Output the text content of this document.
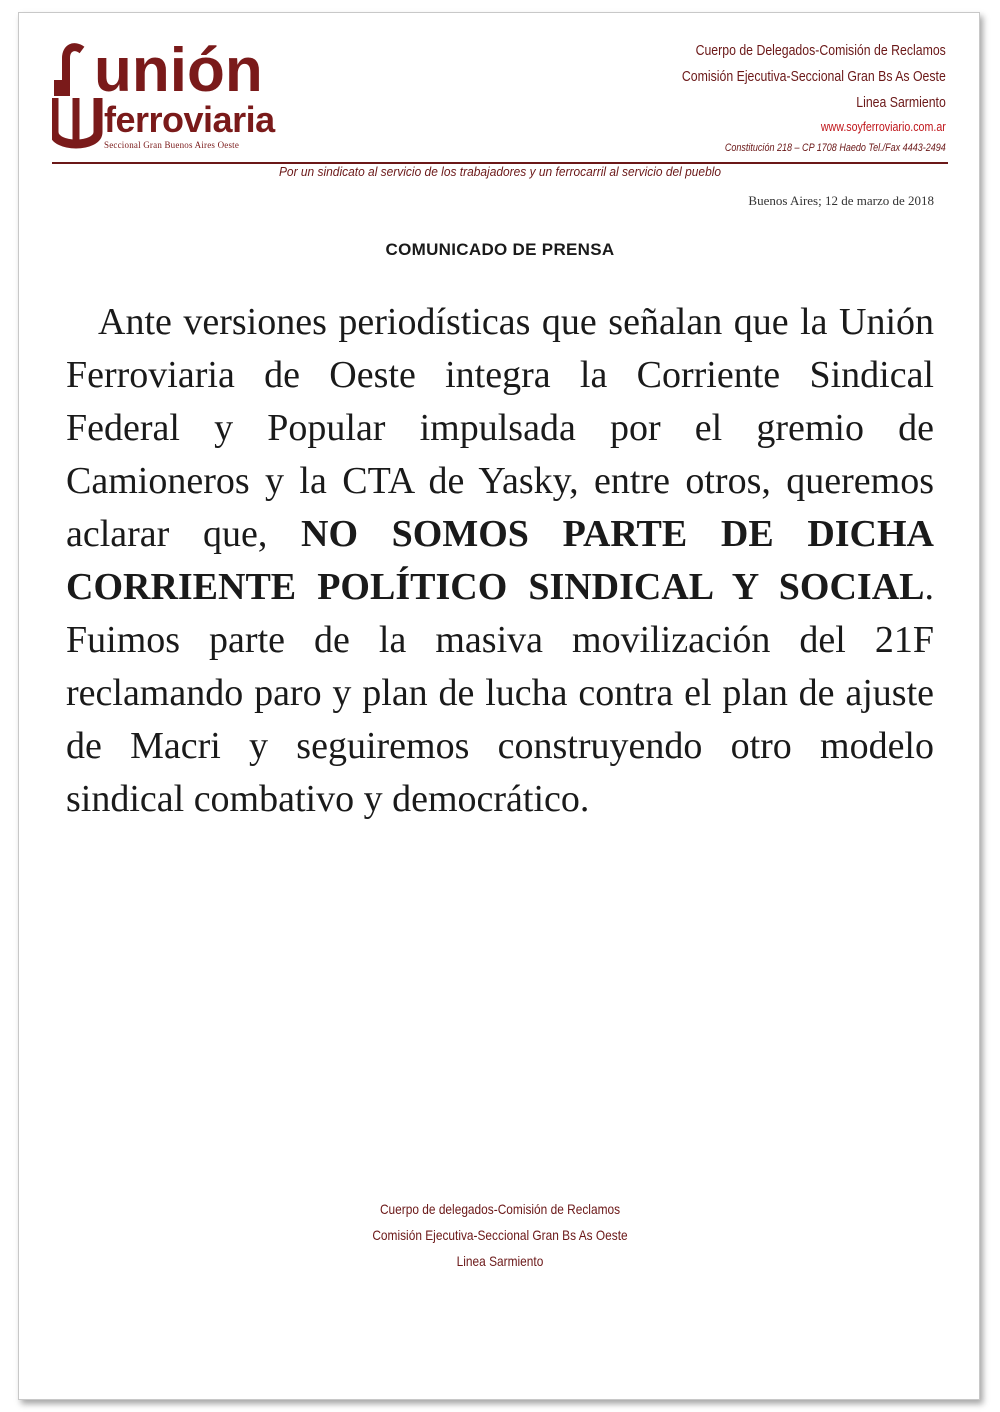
unión
ferroviaria
Seccional Gran Buenos Aires Oeste
Cuerpo de Delegados-Comisión de Reclamos
Comisión Ejecutiva-Seccional Gran Bs As Oeste
Linea Sarmiento
www.soyferroviario.com.ar
Constitución 218 – CP 1708 Haedo Tel./Fax 4443-2494
Por un sindicato al servicio de los trabajadores y un ferrocarril al servicio del pueblo
Buenos Aires; 12 de marzo de 2018
COMUNICADO DE PRENSA
Ante versiones periodísticas que señalan que la Unión Ferroviaria de Oeste integra la Corriente Sindical Federal y Popular impulsada por el gremio de Camioneros y la CTA de Yasky, entre otros, queremos aclarar que, NO SOMOS PARTE DE DICHA CORRIENTE POLÍTICO SINDICAL Y SOCIAL. Fuimos parte de la masiva movilización del 21F reclamando paro y plan de lucha contra el plan de ajuste de Macri y seguiremos construyendo otro modelo sindical combativo y democrático.
Cuerpo de delegados-Comisión de Reclamos
Comisión Ejecutiva-Seccional Gran Bs As Oeste
Linea Sarmiento
